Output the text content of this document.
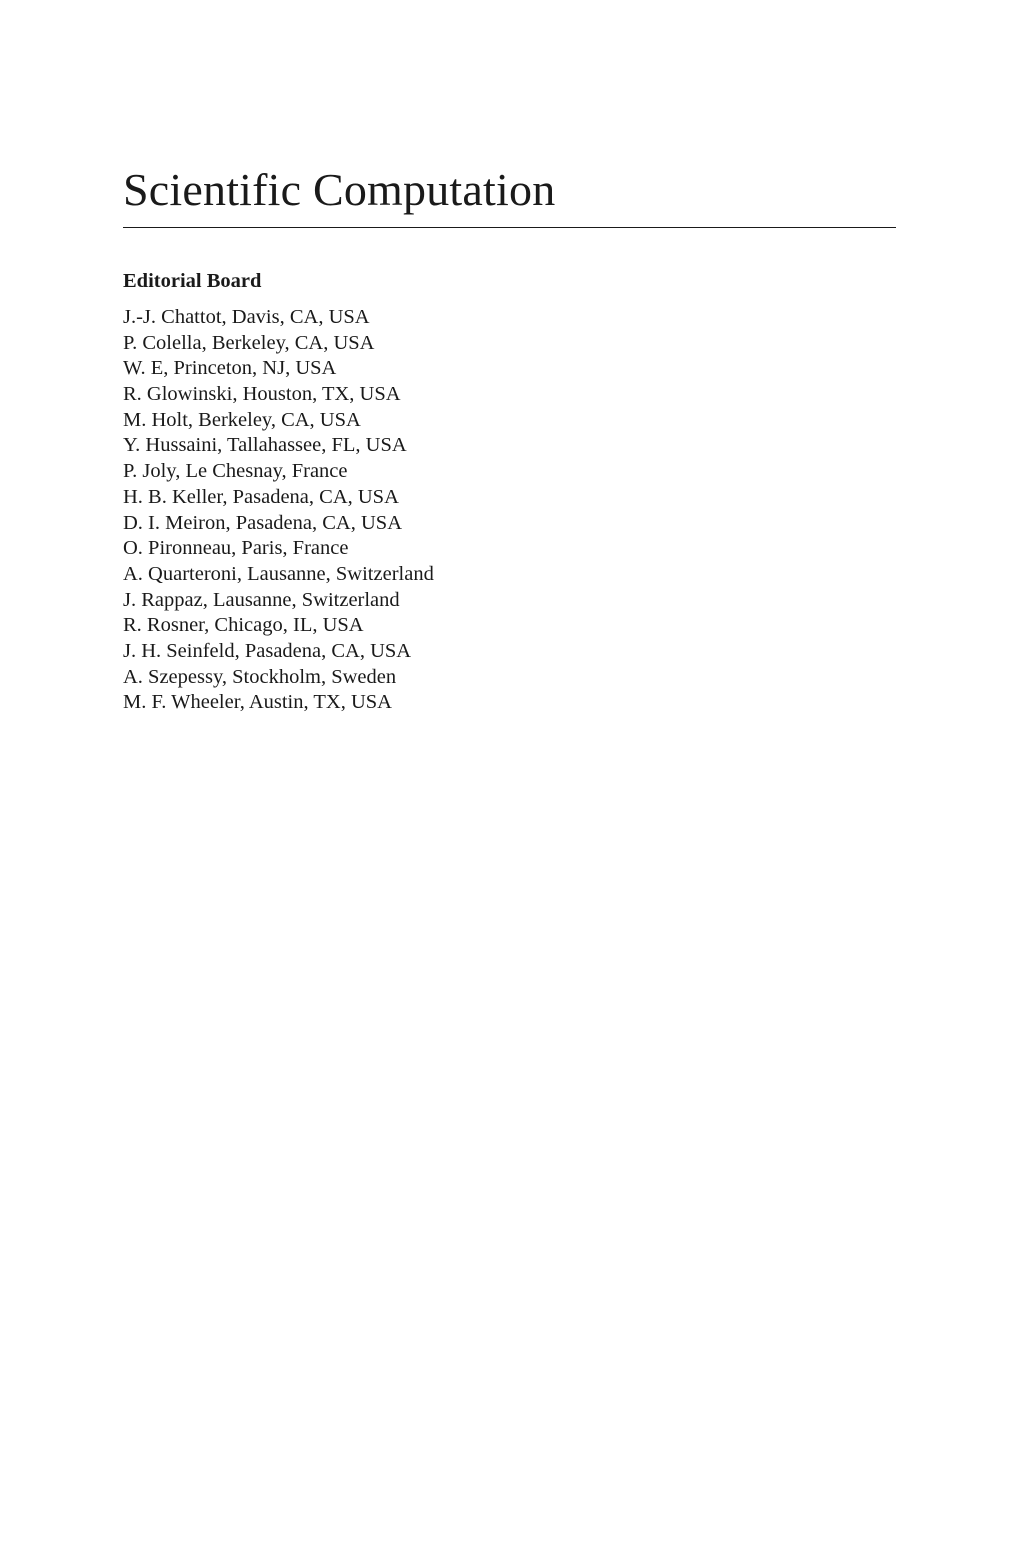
Scientific Computation
Editorial Board
J.-J. Chattot, Davis, CA, USA
P. Colella, Berkeley, CA, USA
W. E, Princeton, NJ, USA
R. Glowinski, Houston, TX, USA
M. Holt, Berkeley, CA, USA
Y. Hussaini, Tallahassee, FL, USA
P. Joly, Le Chesnay, France
H. B. Keller, Pasadena, CA, USA
D. I. Meiron, Pasadena, CA, USA
O. Pironneau, Paris, France
A. Quarteroni, Lausanne, Switzerland
J. Rappaz, Lausanne, Switzerland
R. Rosner, Chicago, IL, USA
J. H. Seinfeld, Pasadena, CA, USA
A. Szepessy, Stockholm, Sweden
M. F. Wheeler, Austin, TX, USA
